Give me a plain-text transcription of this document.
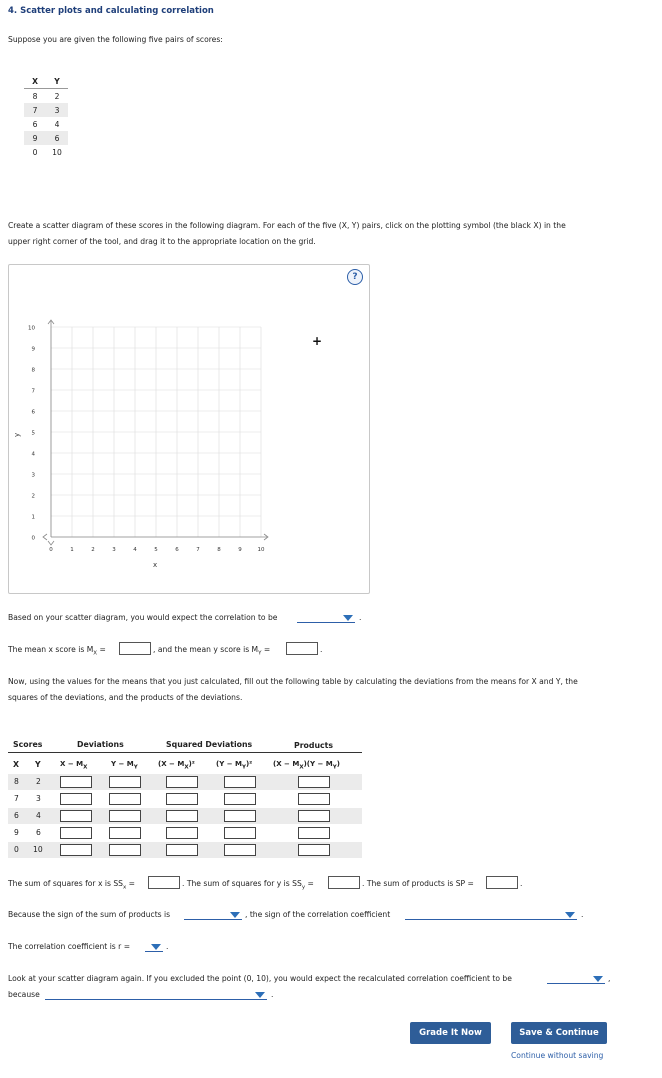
4. Scatter plots and calculating correlation
Suppose you are given the following five pairs of scores:
X	Y
8	2
7	3
6	4
9	6
0	10
Create a scatter diagram of these scores in the following diagram. For each of the five (X, Y) pairs, click on the plotting symbol (the black X) in the
upper right corner of the tool, and drag it to the appropriate location on the grid.
?
10
9
8
7
6
5
4
3
2
1
0
0	1	2	3	4	5	6	7	8	9	10
y
x
+
Based on your scatter diagram, you would expect the correlation to be	.
The mean x score is $M_X$ =	, and the mean y score is $M_Y$ =	.
Now, using the values for the means that you just calculated, fill out the following table by calculating the deviations from the means for X and Y, the
squares of the deviations, and the products of the deviations.
Scores	Deviations	Squared Deviations	Products
X Y	$X - M_X$	$Y - M_Y$	$(X - M_X)^2$	$(Y - M_Y)^2$	$(X - M_X)(Y - M_Y)$
8 2
7 3
6 4
9 6
0 10
The sum of squares for x is $SS_x$ =	. The sum of squares for y is $SS_y$ =	. The sum of products is SP =	.
Because the sign of the sum of products is	, the sign of the correlation coefficient	.
The correlation coefficient is r =	.
Look at your scatter diagram again. If you excluded the point (0, 10), you would expect the recalculated correlation coefficient to be	,
because	.
Grade It Now	Save & Continue
Continue without saving
